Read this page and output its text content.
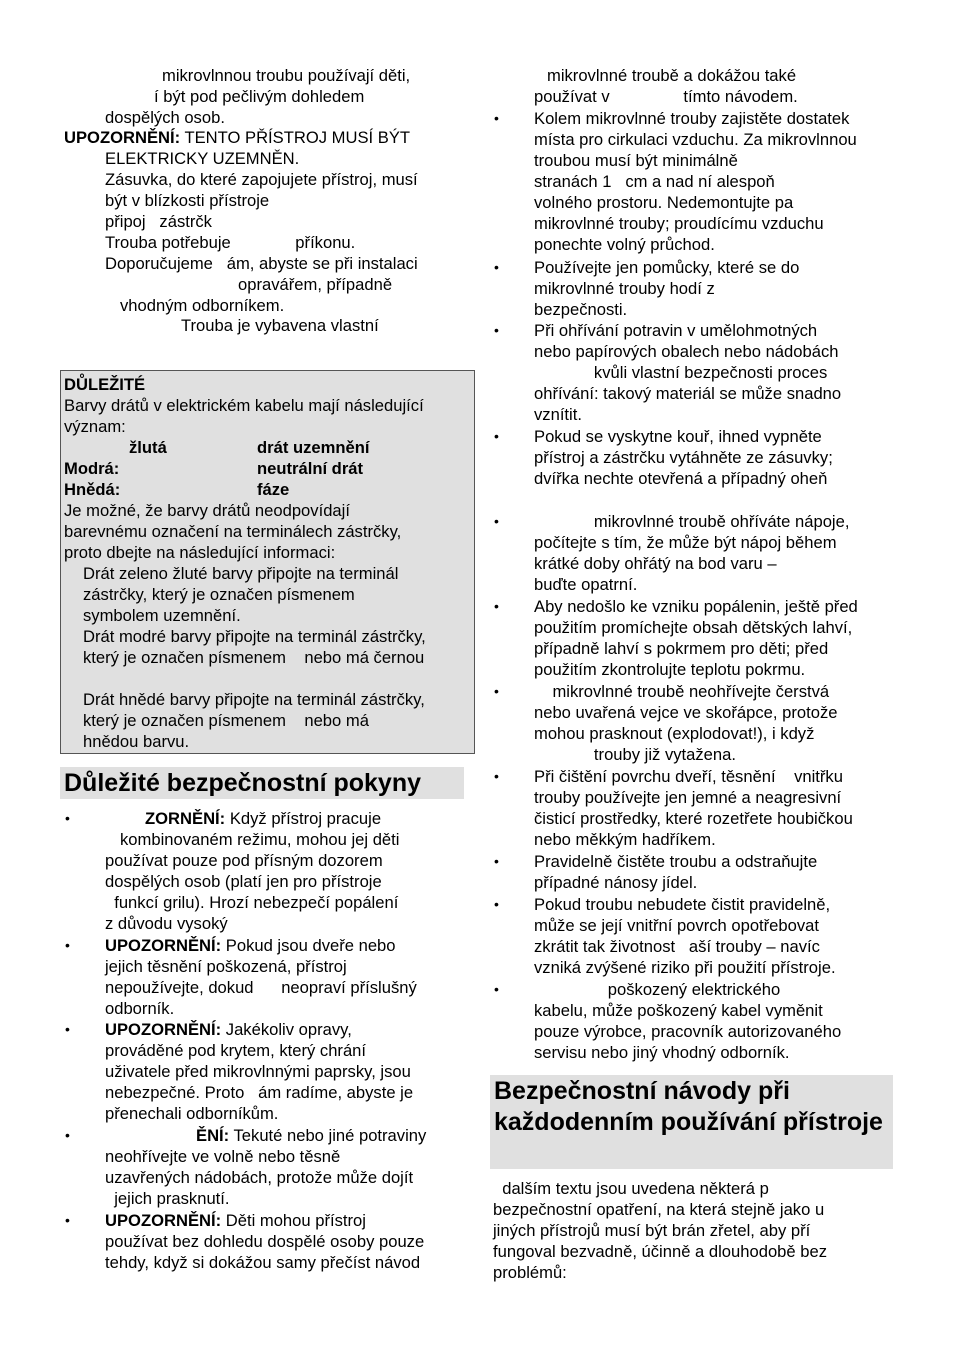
mikrovlnnou troubu používají děti,
í být pod pečlivým dohledem
dospělých osob.
UPOZORNĚNÍ: TENTO PŘÍSTROJ MUSÍ BÝT
ELEKTRICKY UZEMNĚN.
Zásuvka, do které zapojujete přístroj, musí
být v blízkosti přístroje
připoj   zástrčk
Trouba potřebuje              příkonu.
Doporučujeme   ám, abyste se při instalaci
opravářem, případně
vhodným odborníkem.
Trouba je vybavena vlastní
DŮLEŽITÉ
Barvy drátů v elektrickém kabelu mají následující
význam:
žlutá	drát uzemnění
Modrá:	neutrální drát
Hnědá:	fáze
Je možné, že barvy drátů neodpovídají
barevnému označení na terminálech zástrčky,
proto dbejte na následující informaci:
Drát zeleno žluté barvy připojte na terminál
zástrčky, který je označen písmenem
symbolem uzemnění.
Drát modré barvy připojte na terminál zástrčky,
který je označen písmenem    nebo má černou
Drát hnědé barvy připojte na terminál zástrčky,
který je označen písmenem    nebo má
hnědou barvu.
Důležité bezpečnostní pokyny
•	ZORNĚNÍ: Když přístroj pracuje
kombinovaném režimu, mohou jej děti
používat pouze pod přísným dozorem
dospělých osob (platí jen pro přístroje
funkcí grilu). Hrozí nebezpečí popálení
z důvodu vysoký
• UPOZORNĚNÍ: Pokud jsou dveře nebo
jejich těsnění poškozená, přístroj
nepoužívejte, dokud      neopraví příslušný
odborník.
• UPOZORNĚNÍ: Jakékoliv opravy,
prováděné pod krytem, který chrání
uživatele před mikrovlnnými paprsky, jsou
nebezpečné. Proto   ám radíme, abyste je
přenechali odborníkům.
•	ĚNÍ: Tekuté nebo jiné potraviny
neohřívejte ve volně nebo těsně
uzavřených nádobách, protože může dojít
jejich prasknutí.
• UPOZORNĚNÍ: Děti mohou přístroj
používat bez dohledu dospělé osoby pouze
tehdy, když si dokážou samy přečíst návod
mikrovlnné troubě a dokážou také
používat v                tímto návodem.
• Kolem mikrovlnné trouby zajistěte dostatek
místa pro cirkulaci vzduchu. Za mikrovlnnou
troubou musí být minimálně
stranách 1   cm a nad ní alespoň
volného prostoru. Nedemontujte pa
mikrovlnné trouby; proudícímu vzduchu
ponechte volný průchod.
• Používejte jen pomůcky, které se do
mikrovlnné trouby hodí z
bezpečnosti.
• Při ohřívání potravin v umělohmotných
nebo papírových obalech nebo nádobách
kvůli vlastní bezpečnosti proces
ohřívání: takový materiál se může snadno
vznítit.
• Pokud se vyskytne kouř, ihned vypněte
přístroj a zástrčku vytáhněte ze zásuvky;
dvířka nechte otevřená a případný oheň
• mikrovlnné troubě ohříváte nápoje,
počítejte s tím, že může být nápoj během
krátké doby ohřátý na bod varu –
buďte opatrní.
• Aby nedošlo ke vzniku popálenin, ještě před
použitím promíchejte obsah dětských lahví,
případně lahví s pokrmem pro děti; před
použitím zkontrolujte teplotu pokrmu.
• mikrovlnné troubě neohřívejte čerstvá
nebo uvařená vejce ve skořápce, protože
mohou prasknout (explodovat!), i když
trouby již vytažena.
• Při čištění povrchu dveří, těsnění    vnitřku
trouby používejte jen jemné a neagresivní
čisticí prostředky, které rozetřete houbičkou
nebo měkkým hadříkem.
• Pravidelně čistěte troubu a odstraňujte
případné nánosy jídel.
• Pokud troubu nebudete čistit pravidelně,
může se její vnitřní povrch opotřebovat
zkrátit tak životnost   aší trouby – navíc
vzniká zvýšené riziko při použití přístroje.
• poškozený elektrického
kabelu, může poškozený kabel vyměnit
pouze výrobce, pracovník autorizovaného
servisu nebo jiný vhodný odborník.
Bezpečnostní návody při každodenním používání přístroje
dalším textu jsou uvedena některá p
bezpečnostní opatření, na která stejně jako u
jiných přístrojů musí být brán zřetel, aby pří
fungoval bezvadně, účinně a dlouhodobě bez
problémů:
